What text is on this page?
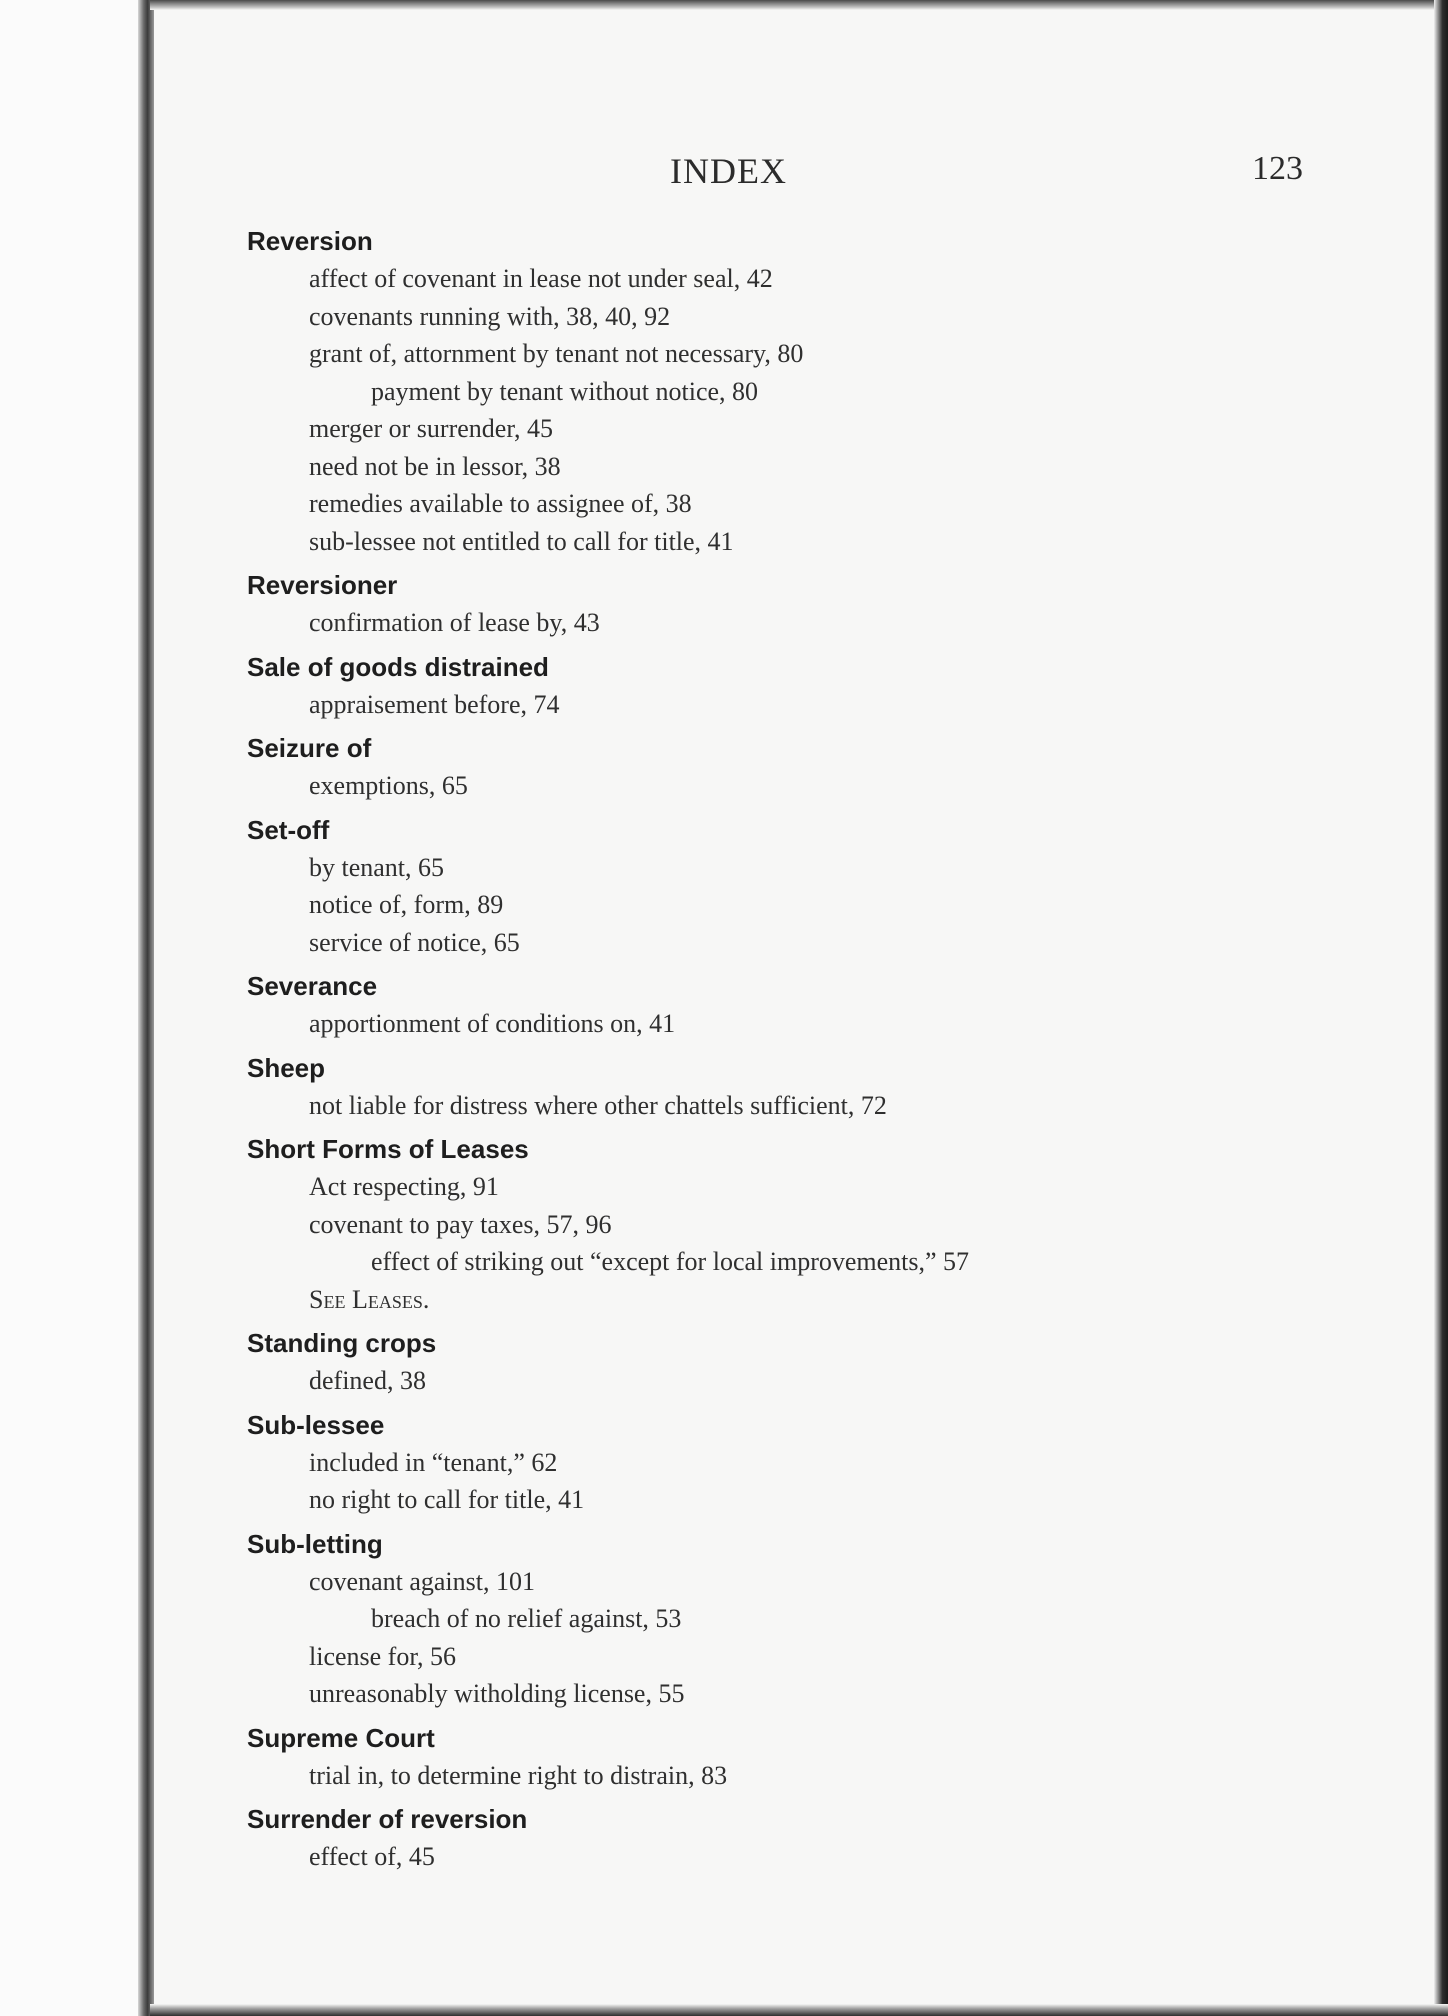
INDEX	123
Reversion
affect of covenant in lease not under seal, 42
covenants running with, 38, 40, 92
grant of, attornment by tenant not necessary, 80
payment by tenant without notice, 80
merger or surrender, 45
need not be in lessor, 38
remedies available to assignee of, 38
sub-lessee not entitled to call for title, 41
Reversioner
confirmation of lease by, 43
Sale of goods distrained
appraisement before, 74
Seizure of
exemptions, 65
Set-off
by tenant, 65
notice of, form, 89
service of notice, 65
Severance
apportionment of conditions on, 41
Sheep
not liable for distress where other chattels sufficient, 72
Short Forms of Leases
Act respecting, 91
covenant to pay taxes, 57, 96
effect of striking out “except for local improvements,” 57
See Leases.
Standing crops
defined, 38
Sub-lessee
included in “tenant,” 62
no right to call for title, 41
Sub-letting
covenant against, 101
breach of no relief against, 53
license for, 56
unreasonably witholding license, 55
Supreme Court
trial in, to determine right to distrain, 83
Surrender of reversion
effect of, 45
